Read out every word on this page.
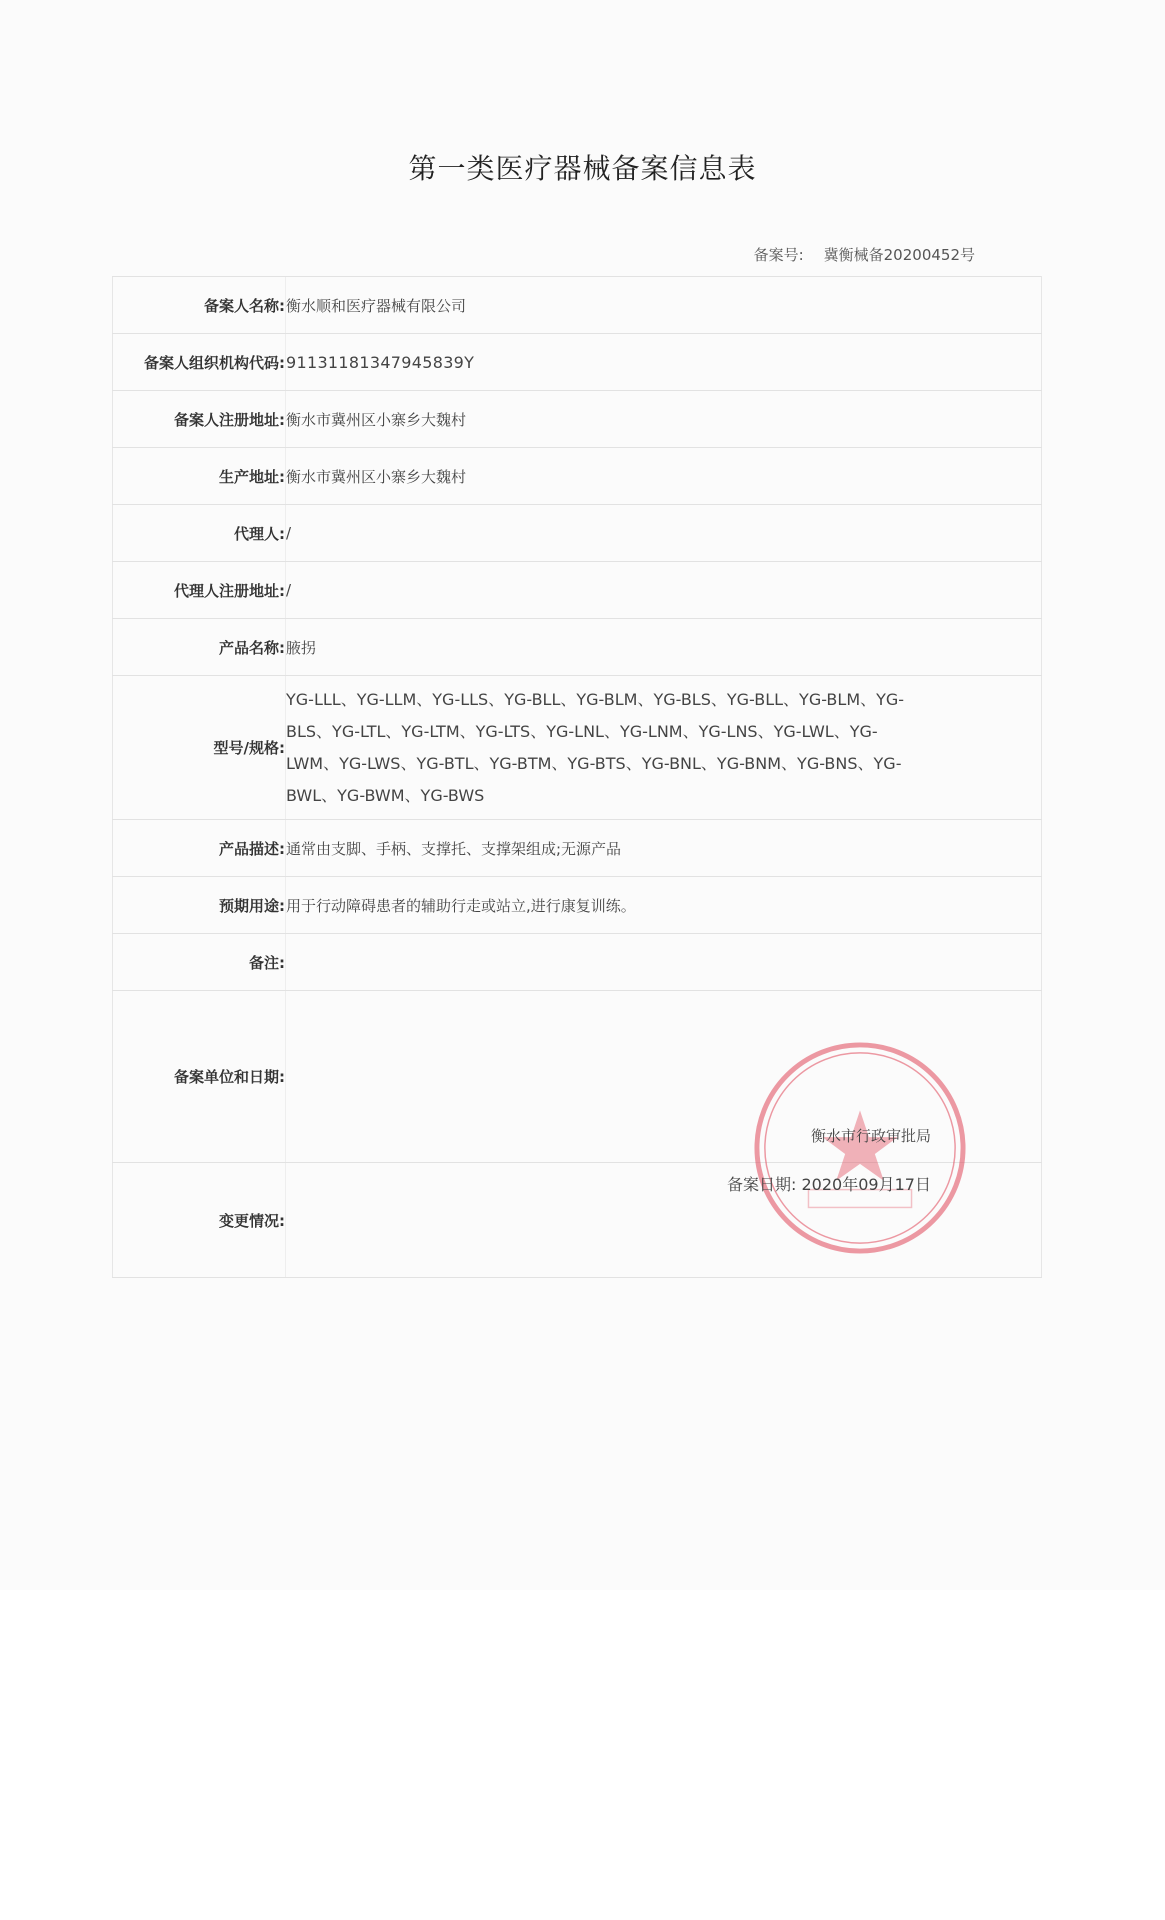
第一类医疗器械备案信息表
备案号: 冀衡械备20200452号
备案人名称:	衡水顺和医疗器械有限公司
备案人组织机构代码:	91131181347945839Y
备案人注册地址:	衡水市冀州区小寨乡大魏村
生产地址:	衡水市冀州区小寨乡大魏村
代理人:	/
代理人注册地址:	/
产品名称:	腋拐
型号/规格:	YG-LLL、YG-LLM、YG-LLS、YG-BLL、YG-BLM、YG-BLS、YG-BLL、YG-BLM、YG-BLS、YG-LTL、YG-LTM、YG-LTS、YG-LNL、YG-LNM、YG-LNS、YG-LWL、YG-LWM、YG-LWS、YG-BTL、YG-BTM、YG-BTS、YG-BNL、YG-BNM、YG-BNS、YG-BWL、YG-BWM、YG-BWS
产品描述:	通常由支脚、手柄、支撑托、支撑架组成;无源产品
预期用途:	用于行动障碍患者的辅助行走或站立,进行康复训练。
备注:	
备案单位和日期:	衡水市行政审批局
备案日期: 2020年09月17日

变更情况:	
